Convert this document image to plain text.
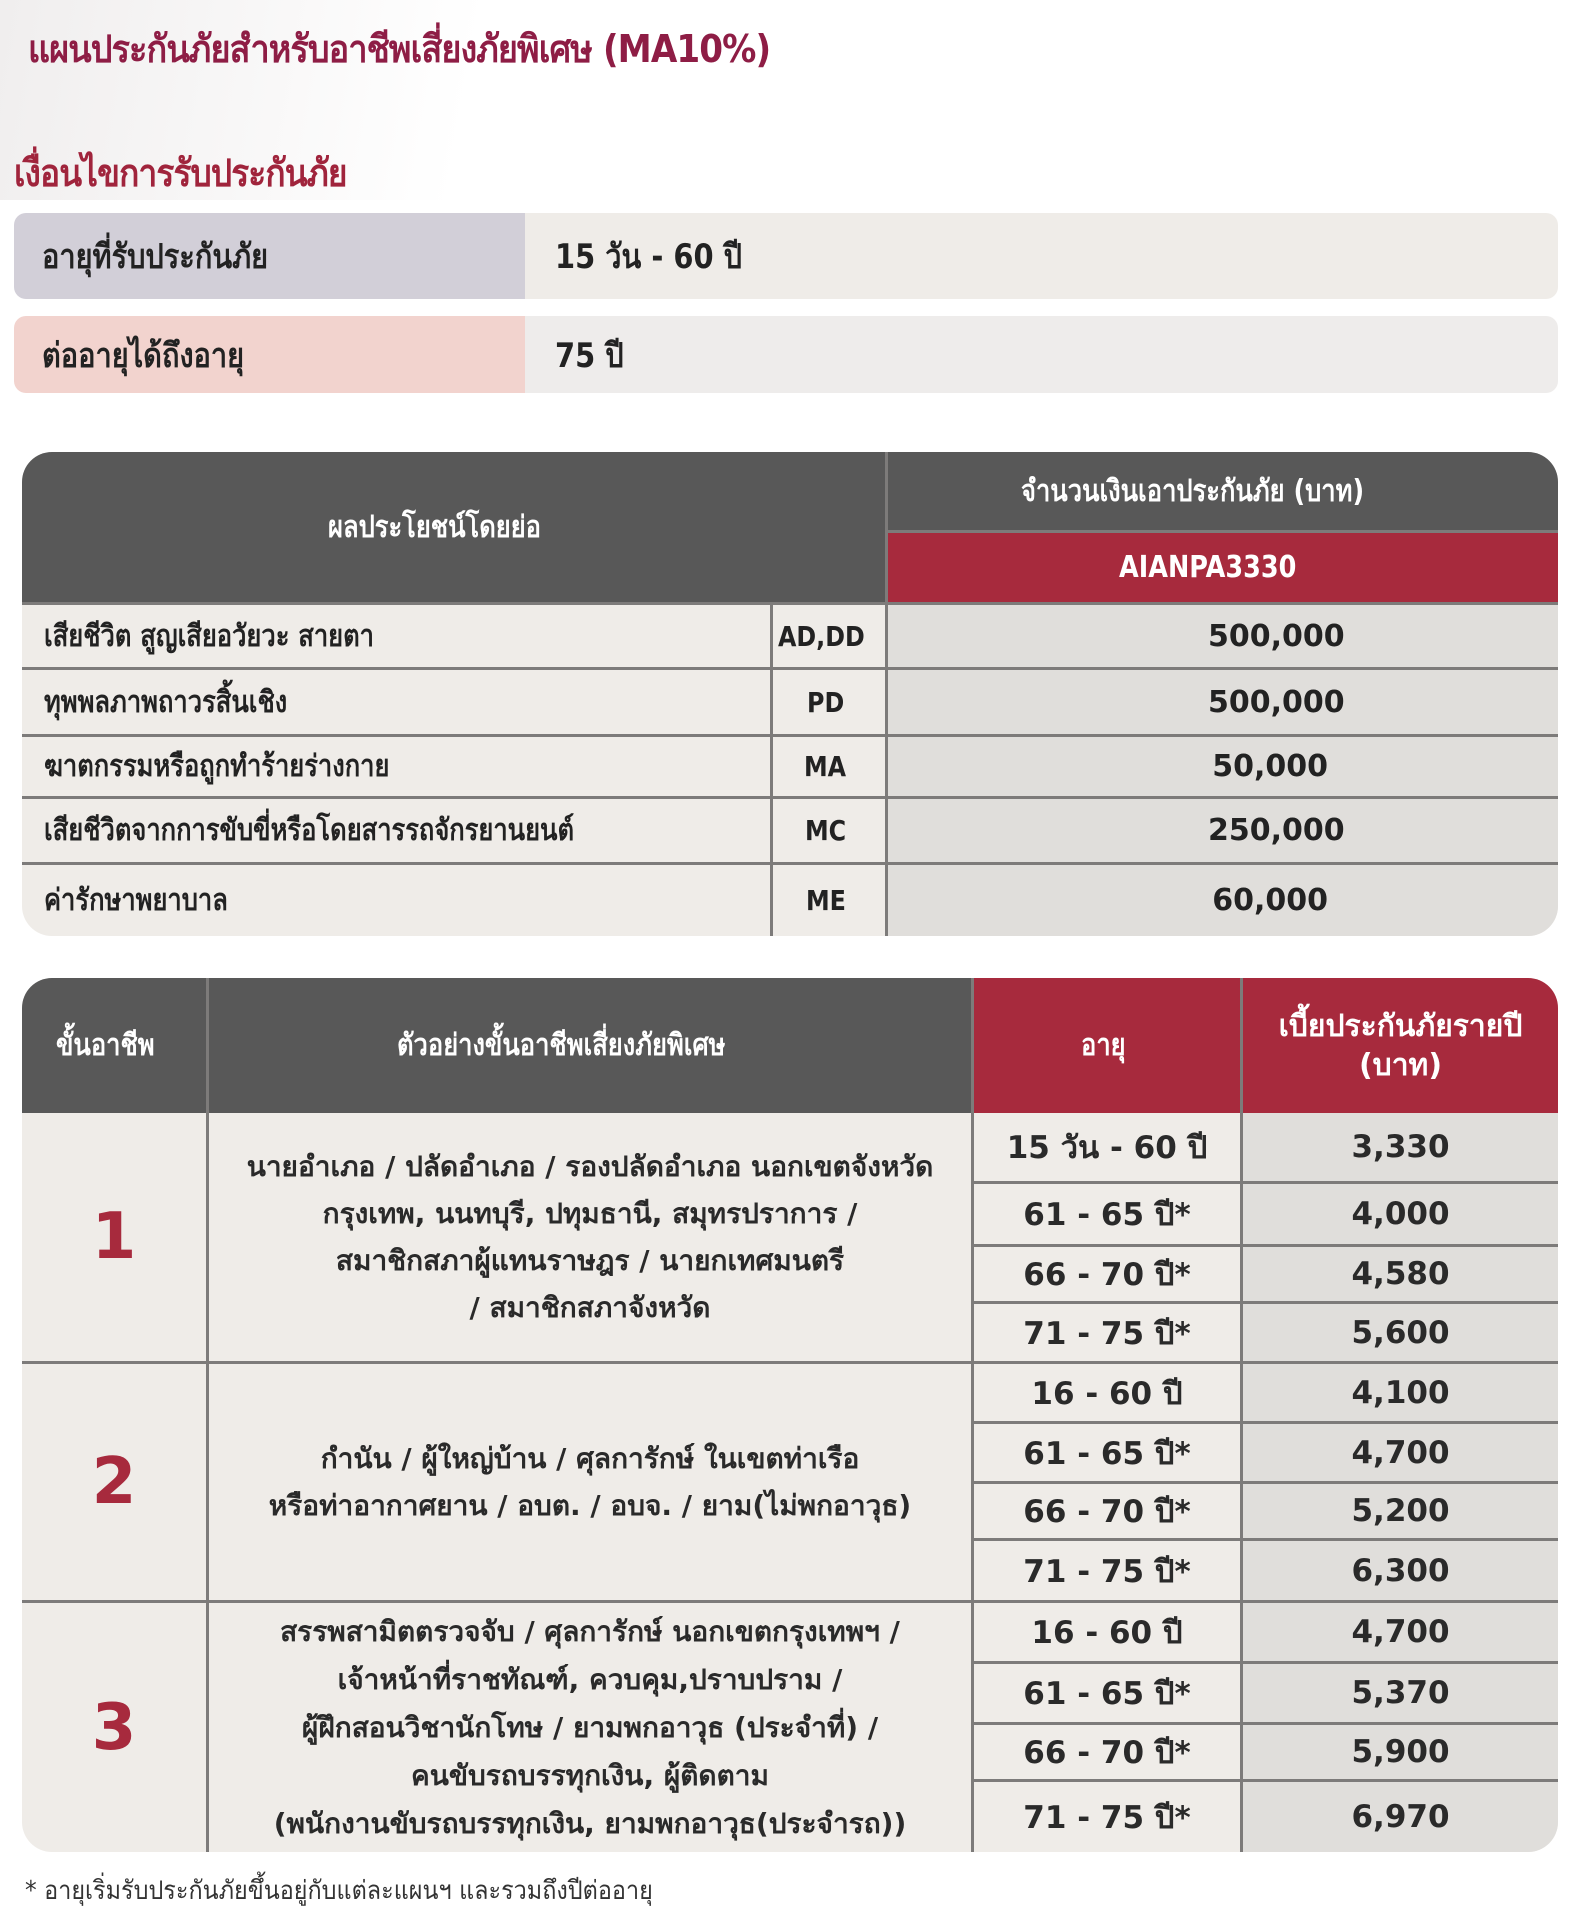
แผนประกันภัยสำหรับอาชีพเสี่ยงภัยพิเศษ (MA10%)
เงื่อนไขการรับประกันภัย
อายุที่รับประกันภัย	15 วัน - 60 ปี
ต่ออายุได้ถึงอายุ	75 ปี
ผลประโยชน์โดยย่อ
จำนวนเงินเอาประกันภัย (บาท)
AIANPA3330
เสียชีวิต สูญเสียอวัยวะ สายตา	AD,DD	500,000
ทุพพลภาพถาวรสิ้นเชิง	PD	500,000
ฆาตกรรมหรือถูกทำร้ายร่างกาย	MA	50,000
เสียชีวิตจากการขับขี่หรือโดยสารรถจักรยานยนต์	MC	250,000
ค่ารักษาพยาบาล	ME	60,000
ขั้นอาชีพ	ตัวอย่างขั้นอาชีพเสี่ยงภัยพิเศษ	อายุ
เบี้ยประกันภัยรายปี
(บาท)
1
นายอำเภอ / ปลัดอำเภอ / รองปลัดอำเภอ นอกเขตจังหวัด
กรุงเทพ, นนทบุรี, ปทุมธานี, สมุทรปราการ /
สมาชิกสภาผู้แทนราษฎร / นายกเทศมนตรี
/ สมาชิกสภาจังหวัด
15 วัน - 60 ปี	3,330
61 - 65 ปี*	4,000
66 - 70 ปี*	4,580
71 - 75 ปี*	5,600
2	กำนัน / ผู้ใหญ่บ้าน / ศุลการักษ์ ในเขตท่าเรือ
หรือท่าอากาศยาน / อบต. / อบจ. / ยาม(ไม่พกอาวุธ)
16 - 60 ปี	4,100
61 - 65 ปี*	4,700
66 - 70 ปี*	5,200
71 - 75 ปี*	6,300
3
สรรพสามิตตรวจจับ / ศุลการักษ์ นอกเขตกรุงเทพฯ /
เจ้าหน้าที่ราชทัณฑ์, ควบคุม,ปราบปราม /
ผู้ฝึกสอนวิชานักโทษ / ยามพกอาวุธ (ประจำที่) /
คนขับรถบรรทุกเงิน, ผู้ติดตาม
(พนักงานขับรถบรรทุกเงิน, ยามพกอาวุธ(ประจำรถ))
16 - 60 ปี	4,700
61 - 65 ปี*	5,370
66 - 70 ปี*	5,900
71 - 75 ปี*	6,970
* อายุเริ่มรับประกันภัยขึ้นอยู่กับแต่ละแผนฯ และรวมถึงปีต่ออายุ
